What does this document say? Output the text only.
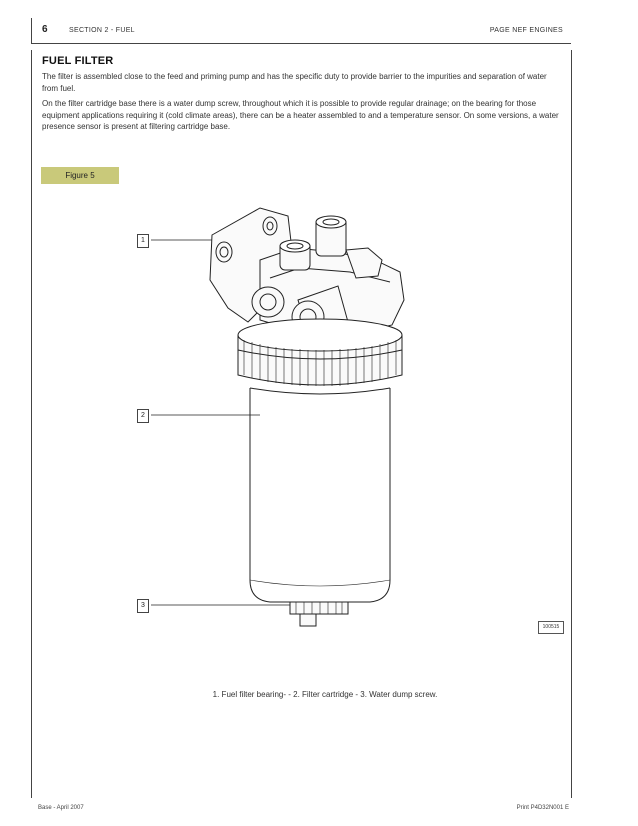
6	SECTION 2 - FUEL	PAGE NEF ENGINES
FUEL FILTER
The filter is assembled close to the feed and priming pump and has the specific duty to provide barrier to the impurities and separation of water from fuel.
On the filter cartridge base there is a water dump screw, throughout which it is possible to provide regular drainage; on the bearing for those equipment applications requiring it (cold climate areas), there can be a heater assembled to and a temperature sensor. On some versions, a water presence sensor is present at filtering cartridge base.
Figure 5
1
2
3
100515
1. Fuel filter bearing- - 2. Filter cartridge - 3. Water dump screw.
Base - April 2007	Print P4D32N001 E
